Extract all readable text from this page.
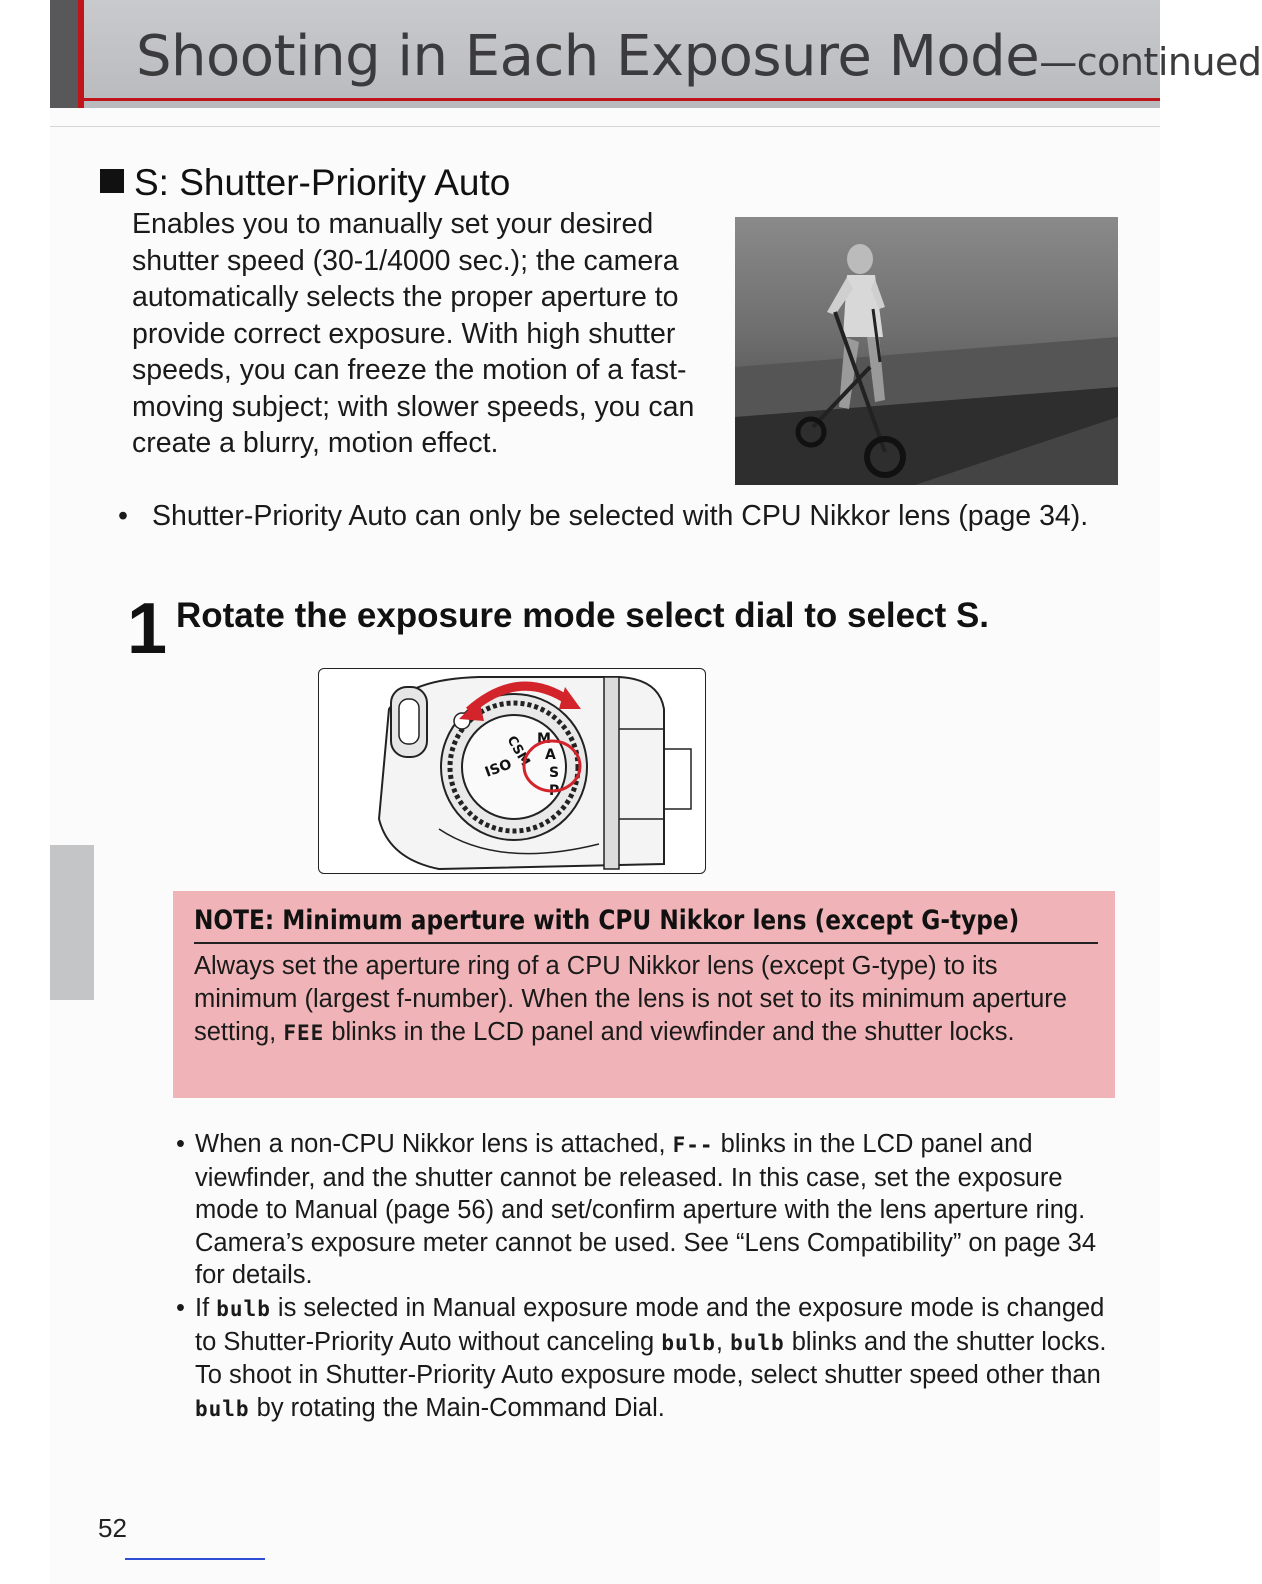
Shooting in Each Exposure Mode—continued
S: Shutter-Priority Auto
Enables you to manually set your desired shutter speed (30-1/4000 sec.); the camera automatically selects the proper aperture to provide correct exposure. With high shutter speeds, you can freeze the motion of a fast-moving subject; with slower speeds, you can create a blurry, motion effect.
• Shutter-Priority Auto can only be selected with CPU Nikkor lens (page 34).
1 Rotate the exposure mode select dial to select S.
ISO
CSM M
A
S
P
NOTE: Minimum aperture with CPU Nikkor lens (except G-type)
Always set the aperture ring of a CPU Nikkor lens (except G-type) to its minimum (largest f-number). When the lens is not set to its minimum aperture setting, FEE blinks in the LCD panel and viewfinder and the shutter locks.
• When a non-CPU Nikkor lens is attached, F-- blinks in the LCD panel and viewfinder, and the shutter cannot be released. In this case, set the exposure mode to Manual (page 56) and set/confirm aperture with the lens aperture ring. Camera’s exposure meter cannot be used. See “Lens Compatibility” on page 34 for details.
• If bulb is selected in Manual exposure mode and the exposure mode is changed to Shutter-Priority Auto without canceling bulb, bulb blinks and the shutter locks. To shoot in Shutter-Priority Auto exposure mode, select shutter speed other than bulb by rotating the Main-Command Dial.
52
